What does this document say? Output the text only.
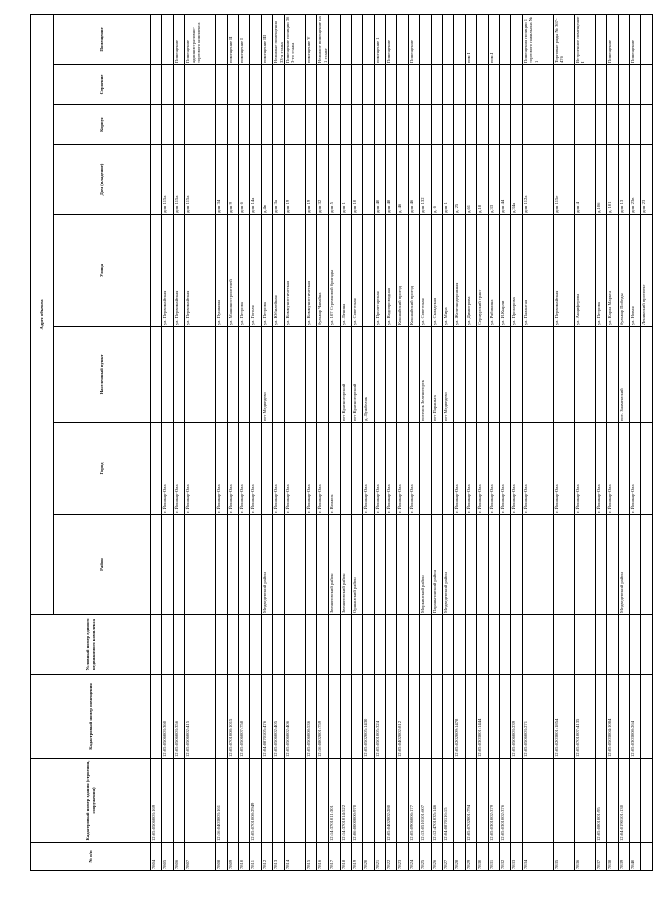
№ п/п	Кадастровый номер здания (строения, сооружения)	Кадастровый номер помещения	Условный номер единого недвижимого комплекса	Адрес объекта							
				Район	Город	Населенный пункт	Улица	Дом (владение)	Корпус	Строение	Помещение
7804	12:05:0506003:169										
7805		12:05:0506003:360			г. Йошкар-Ола		ул. Первомайская	дом 115а			
7806		12:05:0506003:356			г. Йошкар-Ола		ул. Первомайская	дом 115а			Помещение
7807		12:05:0506002:415			г. Йошкар-Ола		ул. Первомайская	дом 115а			Помещение административно-торгового комплекса
7808	12:16:0403003:161				г. Йошкар-Ола		ул. Пушкина	дом 34			
7809		12:05:0701008:1015			г. Йошкар-Ола		ул. Машиностроителей	дом 9			помещение II
7810		12:05:0506007:758			г. Йошкар-Ола		ул. Петрова	дом 6			помещение I
7811	12:05:0701008:2949				г. Йошкар-Ола		ул. Гоголя	дом 14а			
7812		12:04:0870105:476		Медведевский район		пгт Медведево	ул. Петрова	д.4в			помещение III
7813		12:05:0506002:405			г. Йошкар-Ола		ул. Юбилейная	дом 3а			Нежилые помещения 33-я этажа
7814		12:05:0506002:406			г. Йошкар-Ола		ул. Коммунистическая	дом 19			Помещение позиции 36 3-го этажа
7815		12:05:0506008:536			г. Йошкар-Ола		ул. Коммунистическая	дом 19			помещение V
7816		12:16:0802001:759			г. Йошкар-Ола		бульвар Чавайна	дом 32			Нежилое помещение на 1 этаже
7817	12:14:3701011:301			Звениговский район	г. Волжск		ул. 107 Стрелковой бригады	дом 5			
7818	12:14:3701014:522			Звениговский район		пгт Красногорский	ул. Ленина	дом 1			
7819	12:06:0000000:970			Оршанский район		пгт Красногорский	ул. Советская	дом 10			
7820		12:05:0502005:1430			г. Йошкар-Ола	д. Лужбеляк					
7821		12:05:0501005:324			г. Йошкар-Ола		ул. Пролетарская	дом 40			помещение 1
7822	12:05:0402002:280				г. Йошкар-Ола		ул. Водопроводная	дом 48			Помещение
7823		12:05:0402002:812			г. Йошкар-Ола		Кокшайский проезд	д. 46			
7824	12:05:0906006:177				г. Йошкар-Ола		Кокшайский проезд	дом 46			Помещение
7825	12:13:0510101:607			Моркинский район		поселок Зеленогорск	ул. Советская	дом 132			
7826	12:12:4701035:146			Параньгинский район		пгт Параньга	ул. Складская	д. 6			
7827	12:04:0870116:15			Медведевский район		пгт Медведево	ул. Мира	дом 1			
7828		12:05:0202009:1478			г. Йошкар-Ола		ул. Железнодорожная	д. 25			
7829	12:05:0702001:794				г. Йошкар-Ола		ул. Димитрова	д.61			пом I
7830		12:05:0303001:1444			г. Йошкар-Ола		Сернурский тракт	д.18			
7831	12:05:0301002:379				г. Йошкар-Ола		ул. Рябинина	д.33			пом.I
7832	12:05:0301002:376				г. Йошкар-Ола		ул. И.Кырли	дом 44			
7833		12:05:0506003:239			г. Йошкар-Ола		ул. Прохорова	д.34а			
7834		12:05:0506003:271			г. Йошкар-Ола		ул. Палантая	дом 112а			Помещения позиции 1 торгового павильона № 1
7835		12:05:0203001:1854			г. Йошкар-Ола		ул. Первомайская	дом 115е			Торговые ряды № 367-476
7836		12:05:0701007:4135			г. Йошкар-Ола		ул. Анциферова	дом 4			Встроенное помещение I
7837	12:05:0801001:95				г. Йошкар-Ола		ул. Петрова	д.106			
7838		12:05:0503004:1084			г. Йошкар-Ола		ул. Карла Маркса	д. 101			Помещение
7839	12:04:0190101:130			Медведевский район		пос. Знаменский	бульвар Победы	дом 13			
7840		12:05:0303008:264			г. Йошкар-Ола		ул. Новая	дом 23в			Помещение
							Ленинский проспект	дом 23			
